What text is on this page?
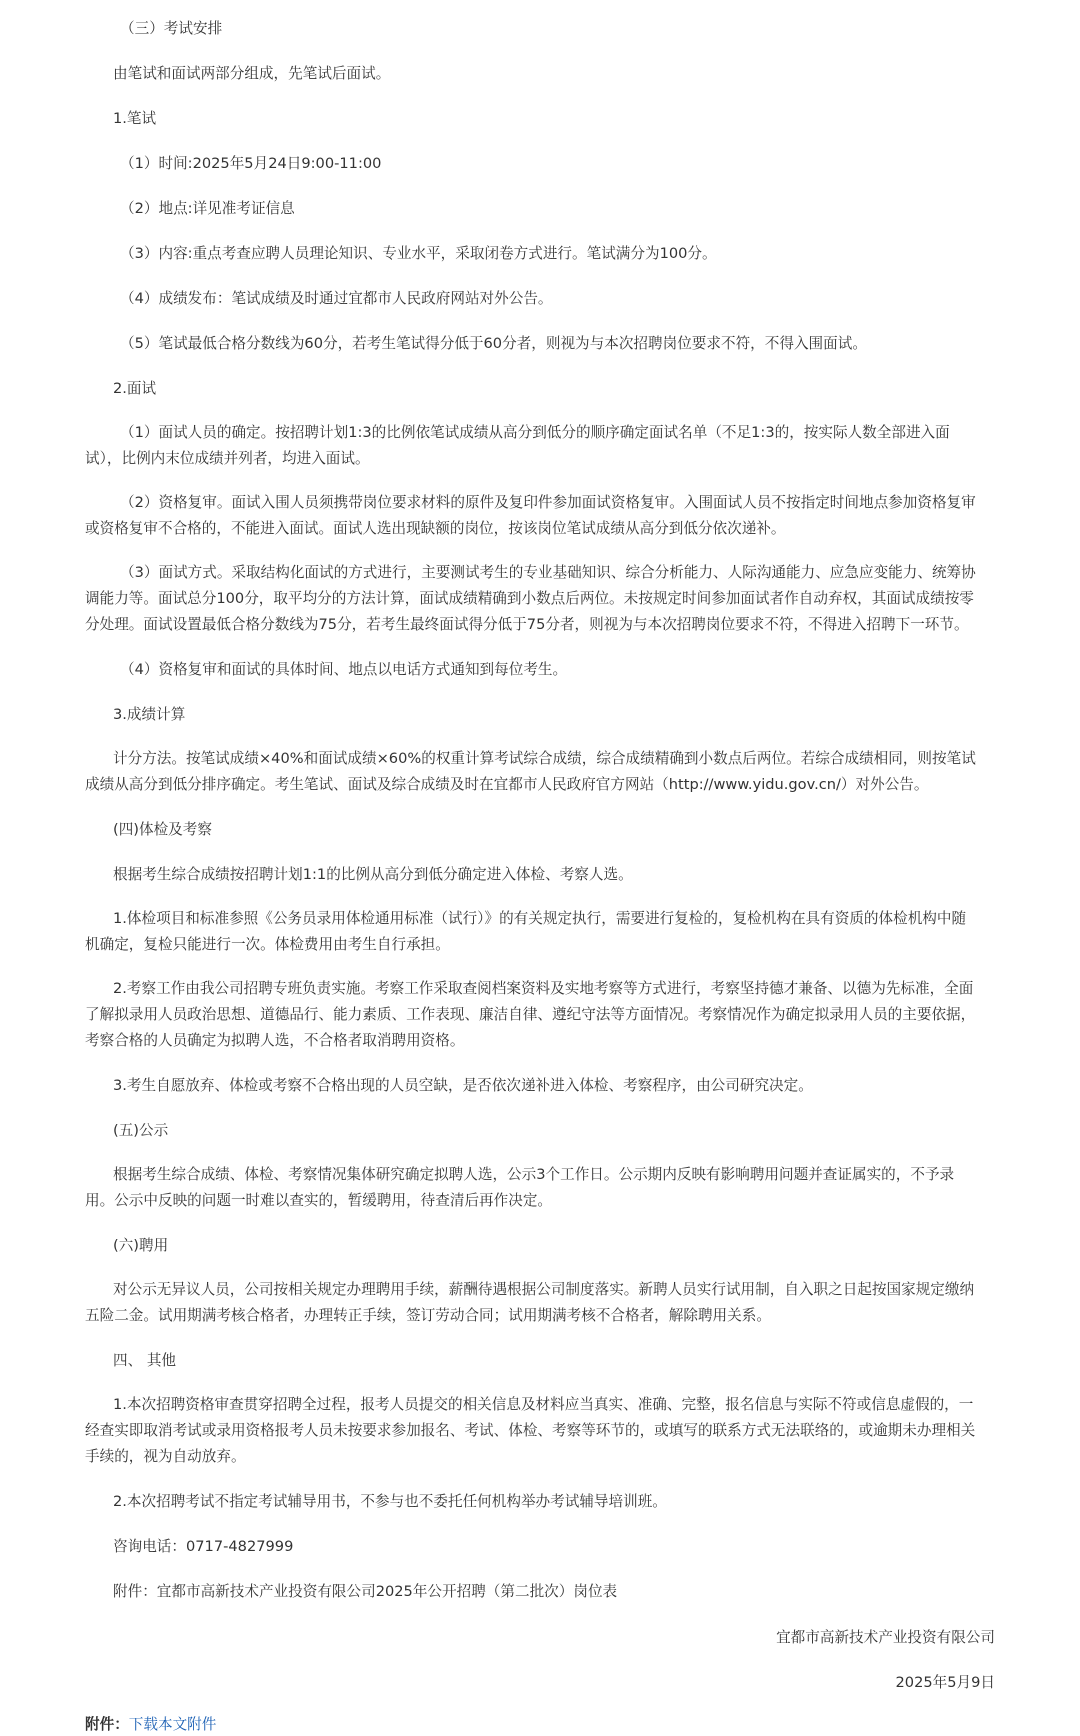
（三）考试安排

由笔试和面试两部分组成，先笔试后面试。

1.笔试

（1）时间:2025年5月24日9:00-11:00

（2）地点:详见准考证信息

（3）内容:重点考查应聘人员理论知识、专业水平，采取闭卷方式进行。笔试满分为100分。

（4）成绩发布：笔试成绩及时通过宜都市人民政府网站对外公告。

（5）笔试最低合格分数线为60分，若考生笔试得分低于60分者，则视为与本次招聘岗位要求不符，不得入围面试。

2.面试

（1）面试人员的确定。按招聘计划1:3的比例依笔试成绩从高分到低分的顺序确定面试名单（不足1:3的，按实际人数全部进入面

试），比例内末位成绩并列者，均进入面试。

（2）资格复审。面试入围人员须携带岗位要求材料的原件及复印件参加面试资格复审。入围面试人员不按指定时间地点参加资格复审

或资格复审不合格的，不能进入面试。面试人选出现缺额的岗位，按该岗位笔试成绩从高分到低分依次递补。

（3）面试方式。采取结构化面试的方式进行，主要测试考生的专业基础知识、综合分析能力、人际沟通能力、应急应变能力、统筹协

调能力等。面试总分100分，取平均分的方法计算，面试成绩精确到小数点后两位。未按规定时间参加面试者作自动弃权，其面试成绩按零

分处理。面试设置最低合格分数线为75分，若考生最终面试得分低于75分者，则视为与本次招聘岗位要求不符，不得进入招聘下一环节。

（4）资格复审和面试的具体时间、地点以电话方式通知到每位考生。

3.成绩计算

计分方法。按笔试成绩×40%和面试成绩×60%的权重计算考试综合成绩，综合成绩精确到小数点后两位。若综合成绩相同，则按笔试

成绩从高分到低分排序确定。考生笔试、面试及综合成绩及时在宜都市人民政府官方网站（http://www.yidu.gov.cn/）对外公告。

(四)体检及考察

根据考生综合成绩按招聘计划1:1的比例从高分到低分确定进入体检、考察人选。

1.体检项目和标准参照《公务员录用体检通用标准（试行）》的有关规定执行，需要进行复检的，复检机构在具有资质的体检机构中随

机确定，复检只能进行一次。体检费用由考生自行承担。

2.考察工作由我公司招聘专班负责实施。考察工作采取查阅档案资料及实地考察等方式进行，考察坚持德才兼备、以德为先标准，全面

了解拟录用人员政治思想、道德品行、能力素质、工作表现、廉洁自律、遵纪守法等方面情况。考察情况作为确定拟录用人员的主要依据，

考察合格的人员确定为拟聘人选，不合格者取消聘用资格。

3.考生自愿放弃、体检或考察不合格出现的人员空缺，是否依次递补进入体检、考察程序，由公司研究决定。

(五)公示

根据考生综合成绩、体检、考察情况集体研究确定拟聘人选，公示3个工作日。公示期内反映有影响聘用问题并查证属实的，不予录

用。公示中反映的问题一时难以查实的，暂缓聘用，待查清后再作决定。

(六)聘用

对公示无异议人员，公司按相关规定办理聘用手续，薪酬待遇根据公司制度落实。新聘人员实行试用制，自入职之日起按国家规定缴纳

五险二金。试用期满考核合格者，办理转正手续，签订劳动合同；试用期满考核不合格者，解除聘用关系。

四、 其他

1.本次招聘资格审查贯穿招聘全过程，报考人员提交的相关信息及材料应当真实、准确、完整，报名信息与实际不符或信息虚假的，一

经查实即取消考试或录用资格报考人员未按要求参加报名、考试、体检、考察等环节的，或填写的联系方式无法联络的，或逾期未办理相关

手续的，视为自动放弃。

2.本次招聘考试不指定考试辅导用书，不参与也不委托任何机构举办考试辅导培训班。

咨询电话：0717-4827999

附件：宜都市高新技术产业投资有限公司2025年公开招聘（第二批次）岗位表

宜都市高新技术产业投资有限公司

2025年5月9日

附件：下载本文附件
